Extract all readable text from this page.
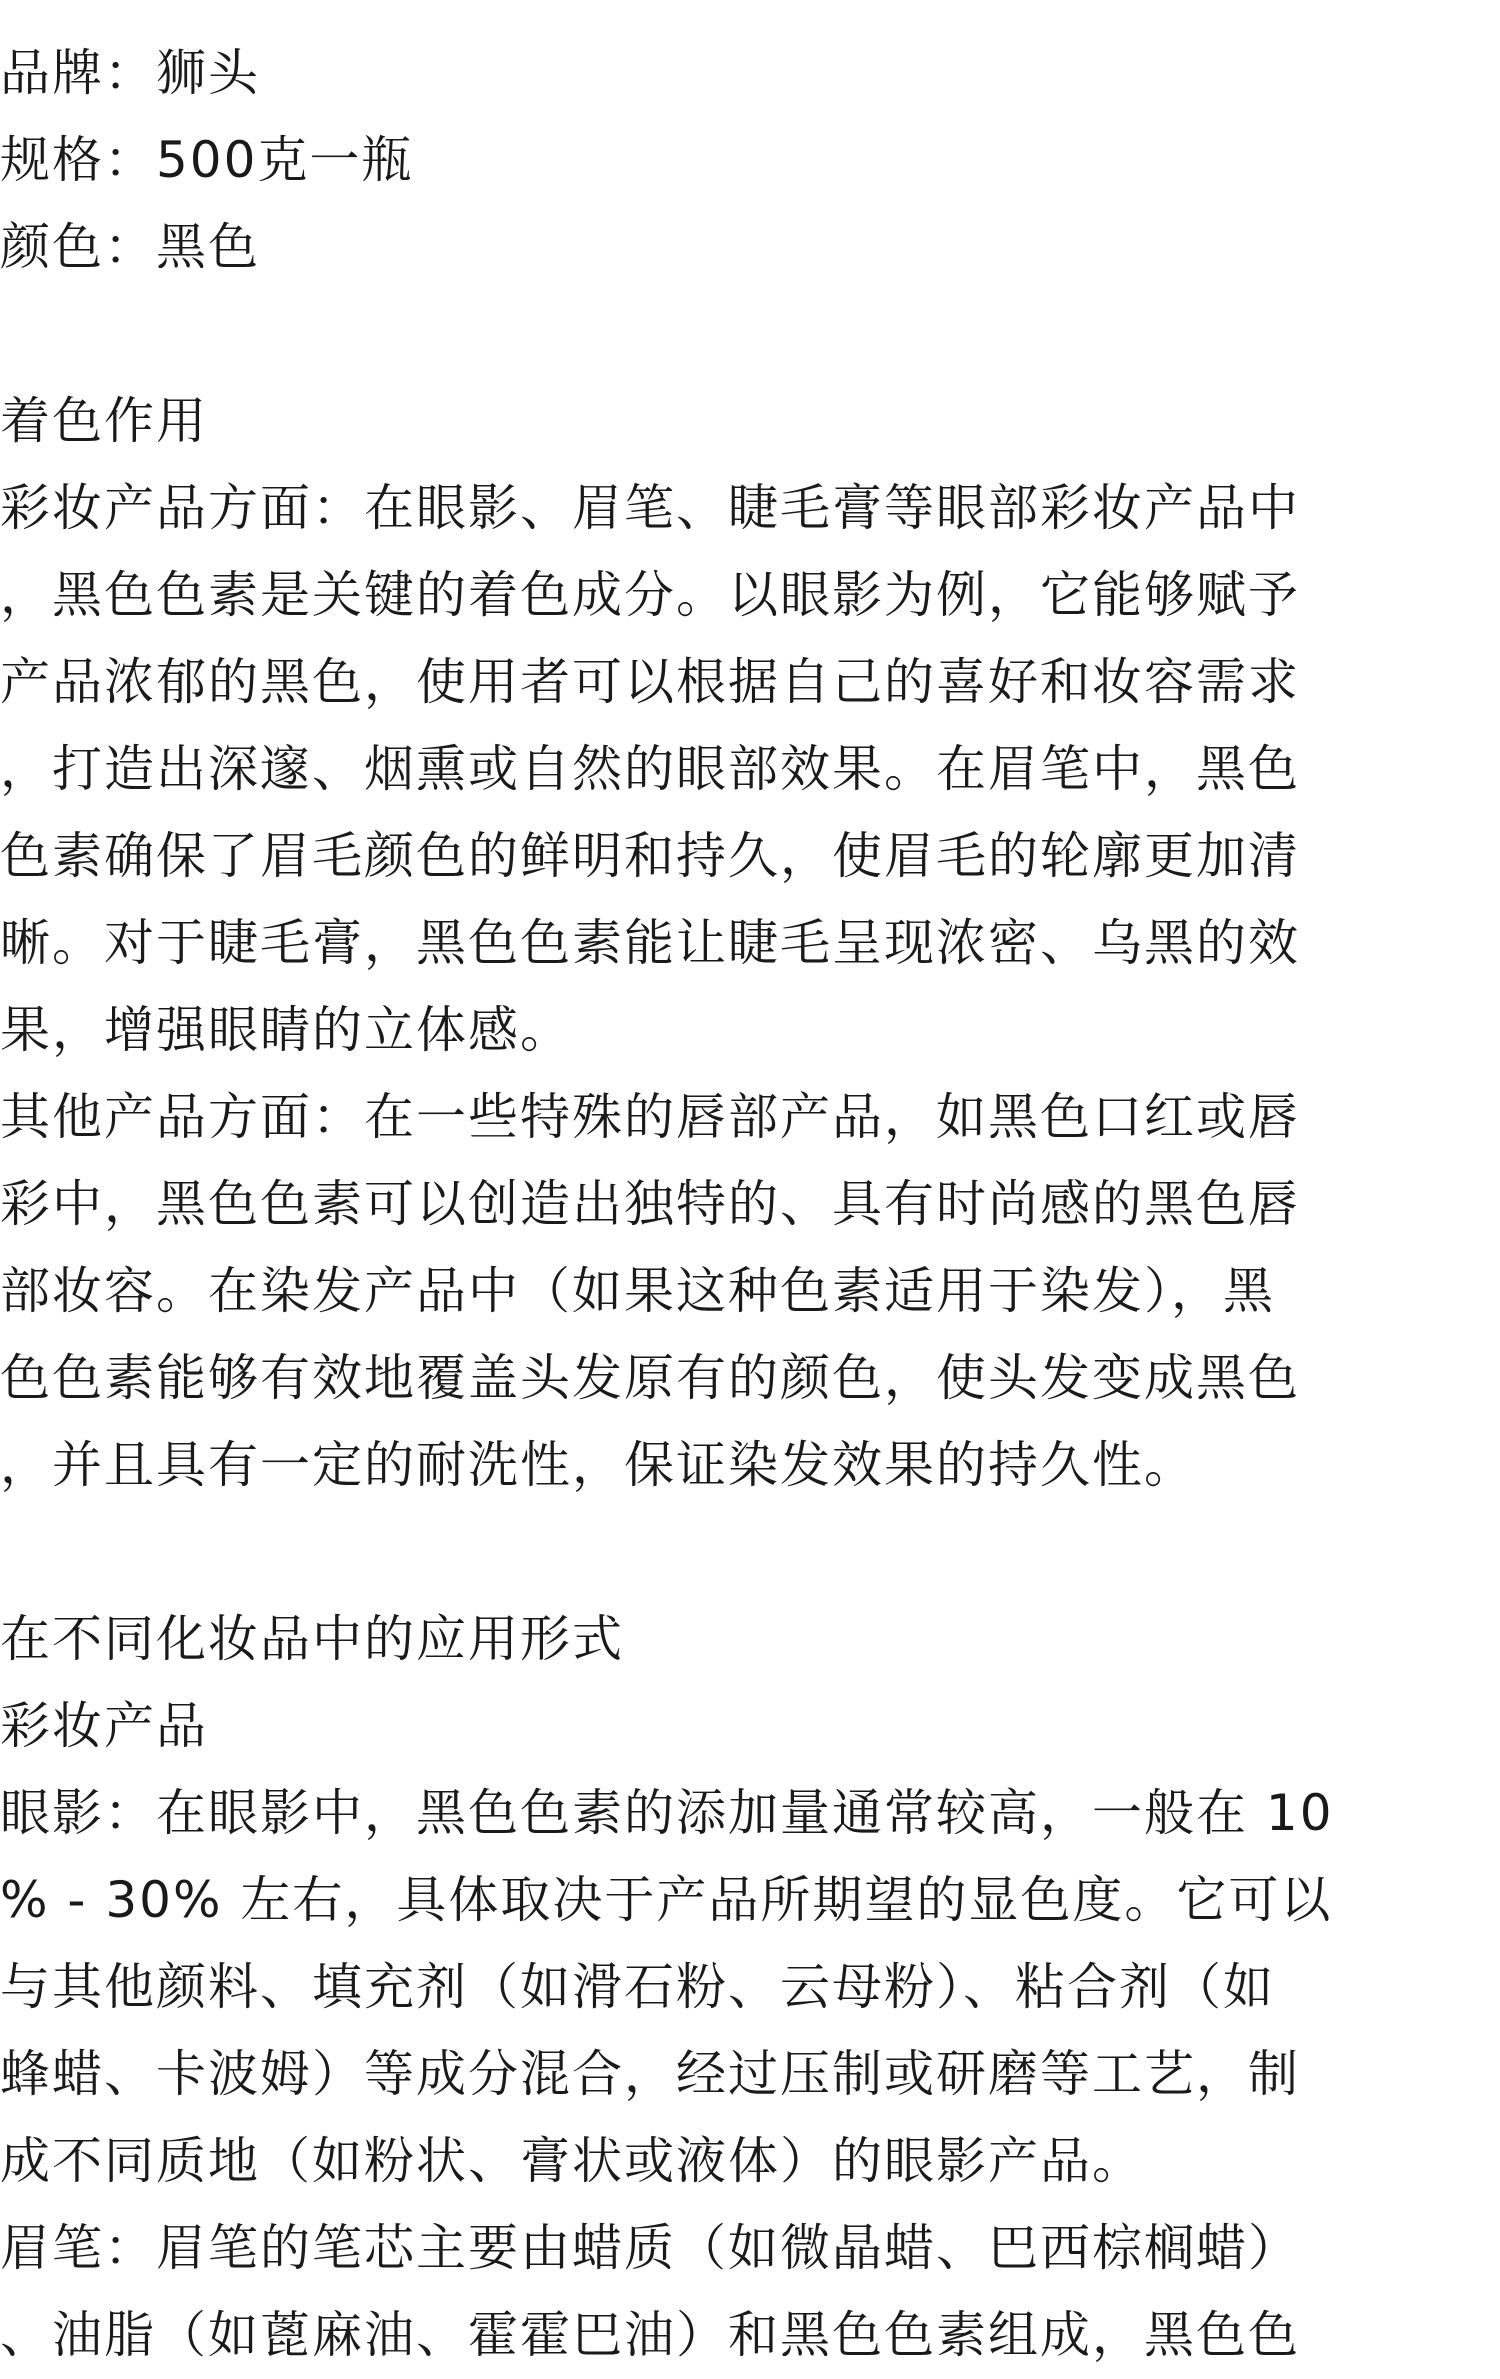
品牌：狮头
规格：500克一瓶
颜色：黑色
着色作用
彩妆产品方面：在眼影、眉笔、睫毛膏等眼部彩妆产品中
，黑色色素是关键的着色成分。以眼影为例，它能够赋予
产品浓郁的黑色，使用者可以根据自己的喜好和妆容需求
，打造出深邃、烟熏或自然的眼部效果。在眉笔中，黑色
色素确保了眉毛颜色的鲜明和持久，使眉毛的轮廓更加清
晰。对于睫毛膏，黑色色素能让睫毛呈现浓密、乌黑的效
果，增强眼睛的立体感。
其他产品方面：在一些特殊的唇部产品，如黑色口红或唇
彩中，黑色色素可以创造出独特的、具有时尚感的黑色唇
部妆容。在染发产品中（如果这种色素适用于染发），黑
色色素能够有效地覆盖头发原有的颜色，使头发变成黑色
，并且具有一定的耐洗性，保证染发效果的持久性。
在不同化妆品中的应用形式
彩妆产品
眼影：在眼影中，黑色色素的添加量通常较高，一般在 10
% - 30% 左右，具体取决于产品所期望的显色度。它可以
与其他颜料、填充剂（如滑石粉、云母粉）、粘合剂（如
蜂蜡、卡波姆）等成分混合，经过压制或研磨等工艺，制
成不同质地（如粉状、膏状或液体）的眼影产品。
眉笔：眉笔的笔芯主要由蜡质（如微晶蜡、巴西棕榈蜡）
、油脂（如蓖麻油、霍霍巴油）和黑色色素组成，黑色色
